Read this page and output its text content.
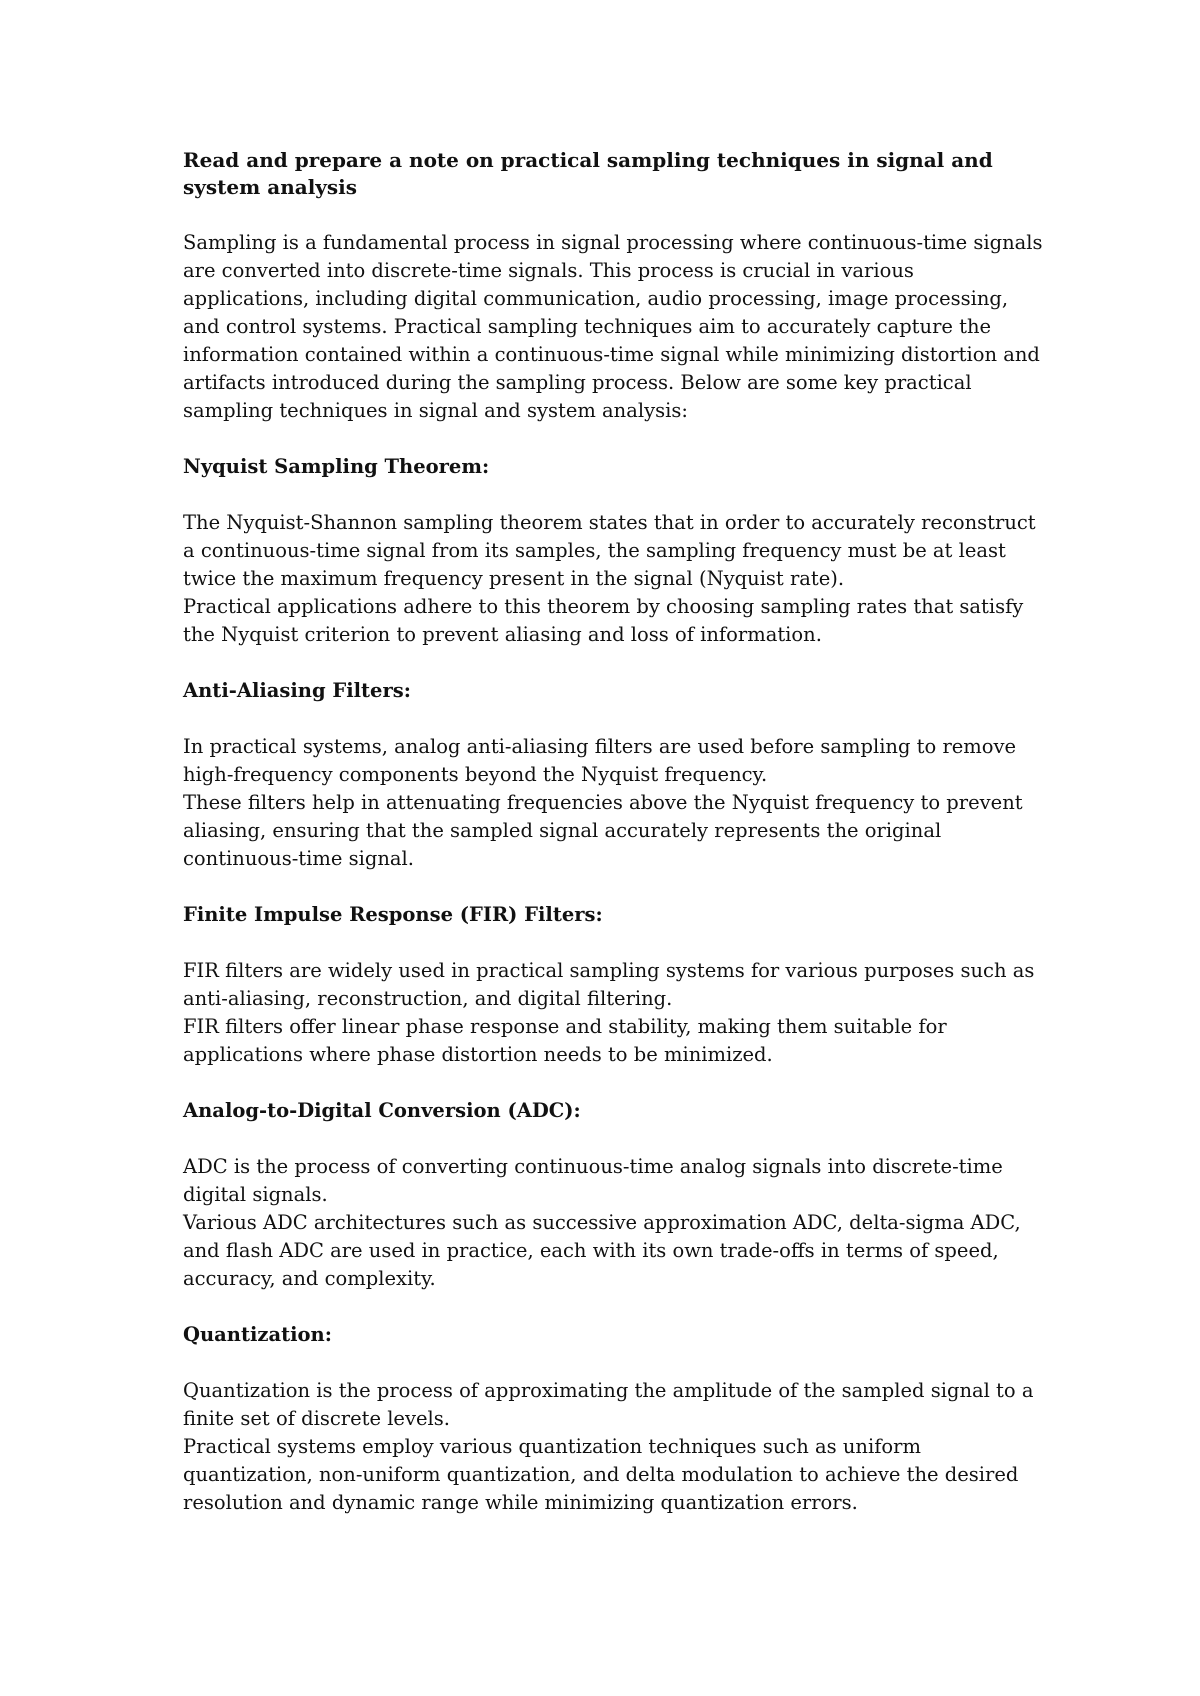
Read and prepare a note on practical sampling techniques in signal and system analysis

Sampling is a fundamental process in signal processing where continuous-time signals are converted into discrete-time signals. This process is crucial in various applications, including digital communication, audio processing, image processing, and control systems. Practical sampling techniques aim to accurately capture the information contained within a continuous-time signal while minimizing distortion and artifacts introduced during the sampling process. Below are some key practical sampling techniques in signal and system analysis:

Nyquist Sampling Theorem:

The Nyquist-Shannon sampling theorem states that in order to accurately reconstruct a continuous-time signal from its samples, the sampling frequency must be at least twice the maximum frequency present in the signal (Nyquist rate).

Practical applications adhere to this theorem by choosing sampling rates that satisfy the Nyquist criterion to prevent aliasing and loss of information.

Anti-Aliasing Filters:

In practical systems, analog anti-aliasing filters are used before sampling to remove high-frequency components beyond the Nyquist frequency.

These filters help in attenuating frequencies above the Nyquist frequency to prevent aliasing, ensuring that the sampled signal accurately represents the original continuous-time signal.

Finite Impulse Response (FIR) Filters:

FIR filters are widely used in practical sampling systems for various purposes such as anti-aliasing, reconstruction, and digital filtering.

FIR filters offer linear phase response and stability, making them suitable for applications where phase distortion needs to be minimized.

Analog-to-Digital Conversion (ADC):

ADC is the process of converting continuous-time analog signals into discrete-time digital signals.

Various ADC architectures such as successive approximation ADC, delta-sigma ADC, and flash ADC are used in practice, each with its own trade-offs in terms of speed, accuracy, and complexity.

Quantization:

Quantization is the process of approximating the amplitude of the sampled signal to a finite set of discrete levels.

Practical systems employ various quantization techniques such as uniform quantization, non-uniform quantization, and delta modulation to achieve the desired resolution and dynamic range while minimizing quantization errors.
